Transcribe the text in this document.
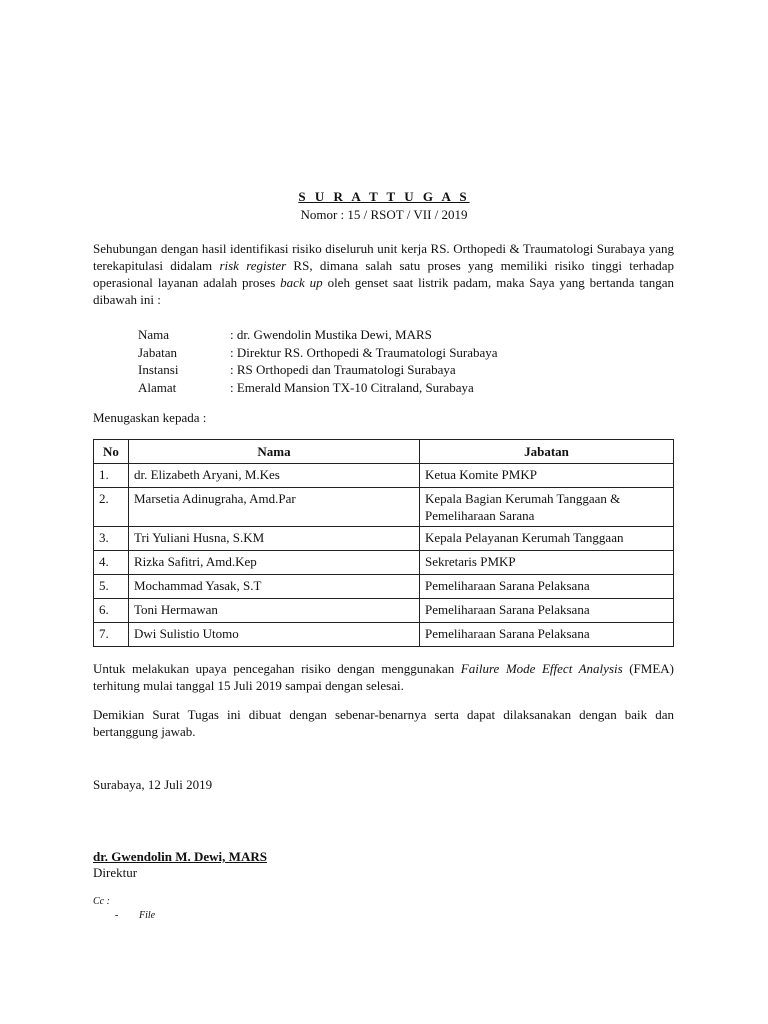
S U R A T T U G A S
Nomor : 15 / RSOT / VII / 2019
Sehubungan dengan hasil identifikasi risiko diseluruh unit kerja RS. Orthopedi & Traumatologi Surabaya yang terekapitulasi didalam risk register RS, dimana salah satu proses yang memiliki risiko tinggi terhadap operasional layanan adalah proses back up oleh genset saat listrik padam, maka Saya yang bertanda tangan dibawah ini :
Nama	: dr. Gwendolin Mustika Dewi, MARS
Jabatan	: Direktur RS. Orthopedi & Traumatologi Surabaya
Instansi	: RS Orthopedi dan Traumatologi Surabaya
Alamat	: Emerald Mansion TX-10 Citraland, Surabaya
Menugaskan kepada :
No	Nama	Jabatan
1.	dr. Elizabeth Aryani, M.Kes	Ketua Komite PMKP
2.	Marsetia Adinugraha, Amd.Par	Kepala Bagian Kerumah Tanggaan & Pemeliharaan Sarana
3.	Tri Yuliani Husna, S.KM	Kepala Pelayanan Kerumah Tanggaan
4.	Rizka Safitri, Amd.Kep	Sekretaris PMKP
5.	Mochammad Yasak, S.T	Pemeliharaan Sarana Pelaksana
6.	Toni Hermawan	Pemeliharaan Sarana Pelaksana
7.	Dwi Sulistio Utomo	Pemeliharaan Sarana Pelaksana
Untuk melakukan upaya pencegahan risiko dengan menggunakan Failure Mode Effect Analysis (FMEA) terhitung mulai tanggal 15 Juli 2019 sampai dengan selesai.
Demikian Surat Tugas ini dibuat dengan sebenar-benarnya serta dapat dilaksanakan dengan baik dan bertanggung jawab.
Surabaya, 12 Juli 2019
dr. Gwendolin M. Dewi, MARS
Direktur
Cc :
- File
